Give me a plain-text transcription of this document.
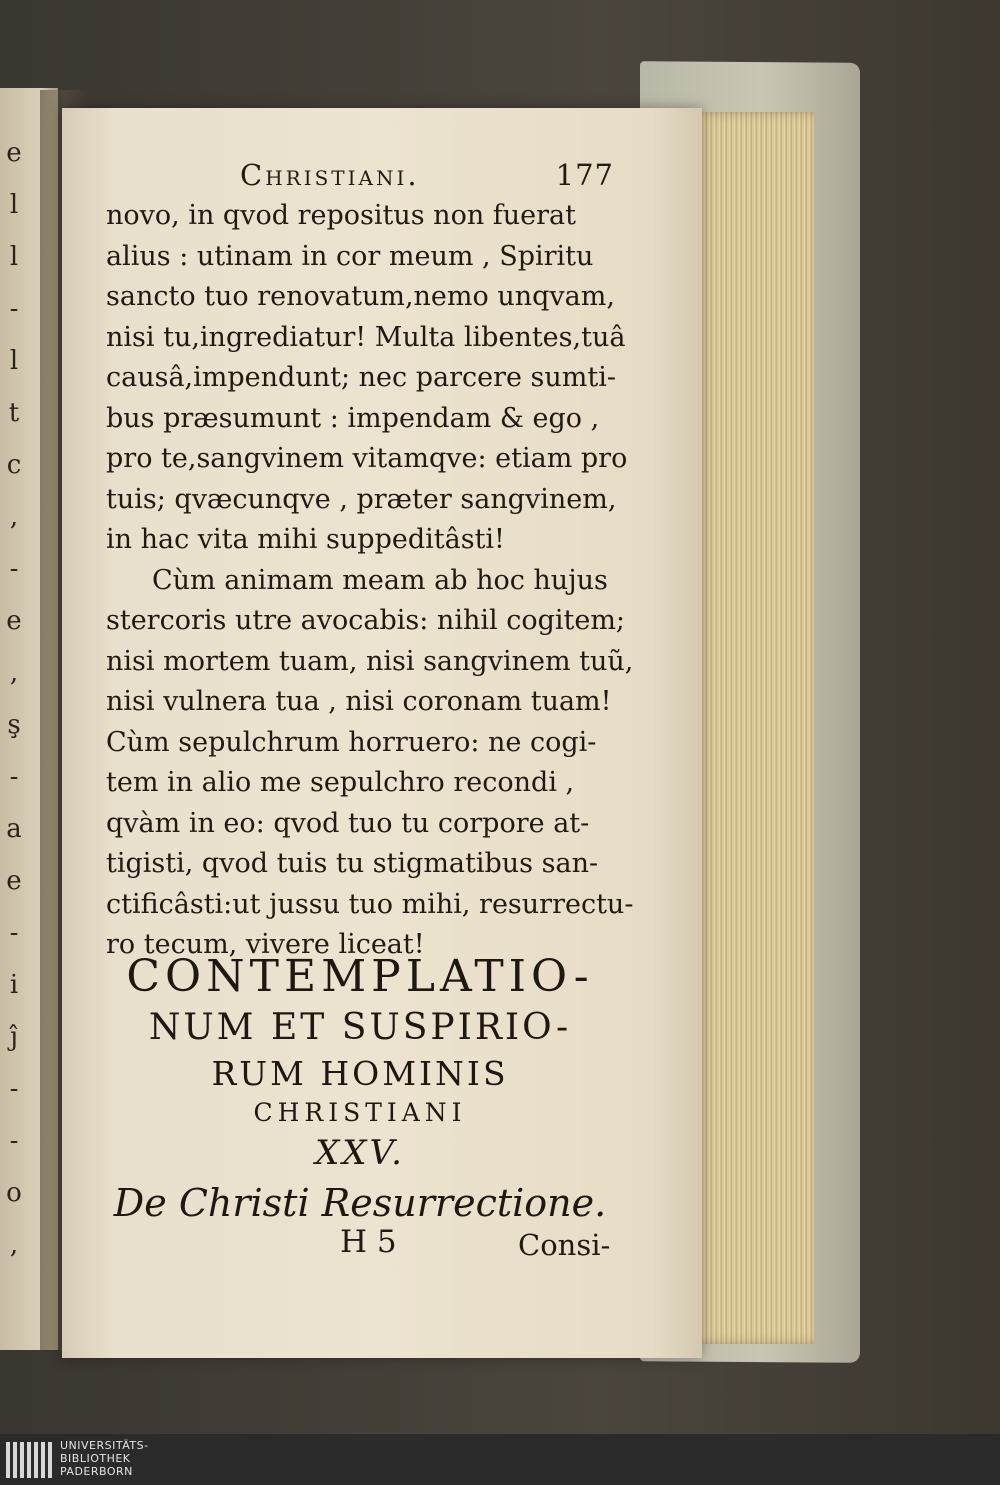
e
l
l
-
l
t
c
,
-
e
,
ş
-
a
e
-
i
ĵ
-
-
o
,
Christiani.	177
novo, in qvod repositus non fuerat
alius : utinam in cor meum , Spiritu
sancto tuo renovatum,nemo unqvam,
nisi tu,ingrediatur! Multa libentes,tuâ
causâ,impendunt; nec parcere sumti-
bus præsumunt : impendam & ego ,
pro te,sangvinem vitamqve: etiam pro
tuis; qvæcunqve , præter sangvinem,
in hac vita mihi suppeditâsti!
Cùm animam meam ab hoc hujus
stercoris utre avocabis: nihil cogitem;
nisi mortem tuam, nisi sangvinem tuũ,
nisi vulnera tua , nisi coronam tuam!
Cùm sepulchrum horruero: ne cogi-
tem in alio me sepulchro recondi ,
qvàm in eo: qvod tuo tu corpore at-
tigisti, qvod tuis tu stigmatibus san-
ctificâsti:ut jussu tuo mihi, resurrectu-
ro tecum, vivere liceat!
CONTEMPLATIO-
NUM ET SUSPIRIO-
RUM HOMINIS
CHRISTIANI
XXV.
De Christi Resurrectione.
H 5	Consi-
UNIVERSITÄTS-
BIBLIOTHEK
PADERBORN
